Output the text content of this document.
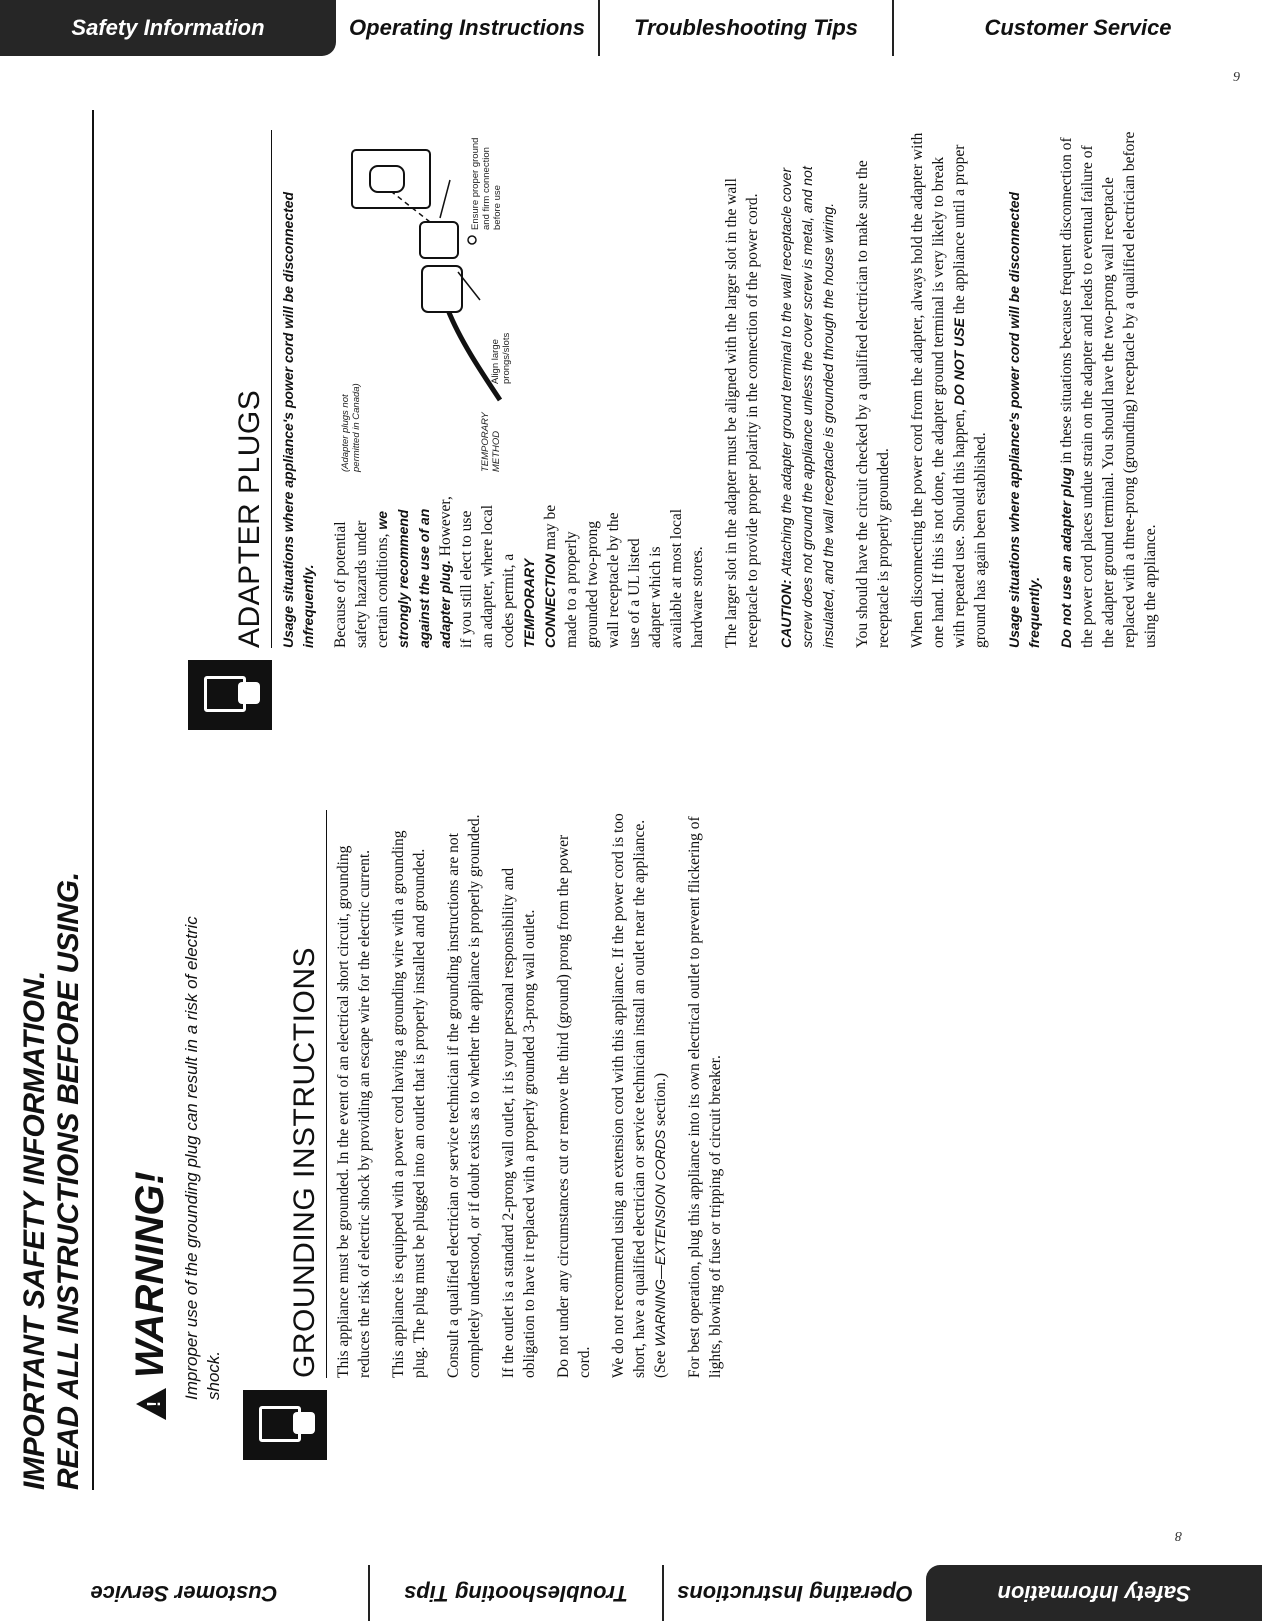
Safety Information	Operating Instructions	Troubleshooting Tips	Customer Service
9
Safety Information
Operating Instructions
Troubleshooting Tips
Customer Service
8
IMPORTANT SAFETY INFORMATION. READ ALL INSTRUCTIONS BEFORE USING.	!
WARNING! Improper use of the grounding plug can result in a risk of electric shock. GROUNDING INSTRUCTIONS This appliance must be grounded. In the event of an electrical short circuit, grounding reduces the risk of electric shock by providing an escape wire for the electric current. This appliance is equipped with a power cord having a grounding wire with a grounding plug. The plug must be plugged into an outlet that is properly installed and grounded. Consult a qualified electrician or service technician if the grounding instructions are not completely understood, or if doubt exists as to whether the appliance is properly grounded. If the outlet is a standard 2-prong wall outlet, it is your personal responsibility and obligation to have it replaced with a properly grounded 3-prong wall outlet. Do not under any circumstances cut or remove the third (ground) prong from the power cord. We do not recommend using an extension cord with this appliance. If the power cord is too short, have a qualified electrician or service technician install an outlet near the appliance. (See WARNING—EXTENSION CORDS section.) For best operation, plug this appliance into its own electrical outlet to prevent flickering of lights, blowing of fuse or tripping of circuit breaker.

ADAPTER PLUGS	Usage situations where appliance's power cord will be disconnected infrequently. Because of potential safety hazards under certain conditions, we strongly recommend against the use of an adapter plug. However, if you still elect to use an adapter, where local codes permit, a TEMPORARY CONNECTION may be made to a properly grounded two-prong wall receptacle by the use of a UL listed adapter which is available at most local hardware stores.

(Adapter plugs not permitted in Canada)
Align large prongs/slots
Ensure proper ground and firm connection before use
TEMPORARY METHOD	The larger slot in the adapter must be aligned with the larger slot in the wall receptacle to provide proper polarity in the connection of the power cord. CAUTION: Attaching the adapter ground terminal to the wall receptacle cover screw does not ground the appliance unless the cover screw is metal, and not insulated, and the wall receptacle is grounded through the house wiring. You should have the circuit checked by a qualified electrician to make sure the receptacle is properly grounded. When disconnecting the power cord from the adapter, always hold the adapter with one hand. If this is not done, the adapter ground terminal is very likely to break with repeated use. Should this happen, DO NOT USE the appliance until a proper ground has again been established. Usage situations where appliance's power cord will be disconnected frequently. Do not use an adapter plug in these situations because frequent disconnection of the power cord places undue strain on the adapter and leads to eventual failure of the adapter ground terminal. You should have the two-prong wall receptacle replaced with a three-prong (grounding) receptacle by a qualified electrician before using the appliance.
